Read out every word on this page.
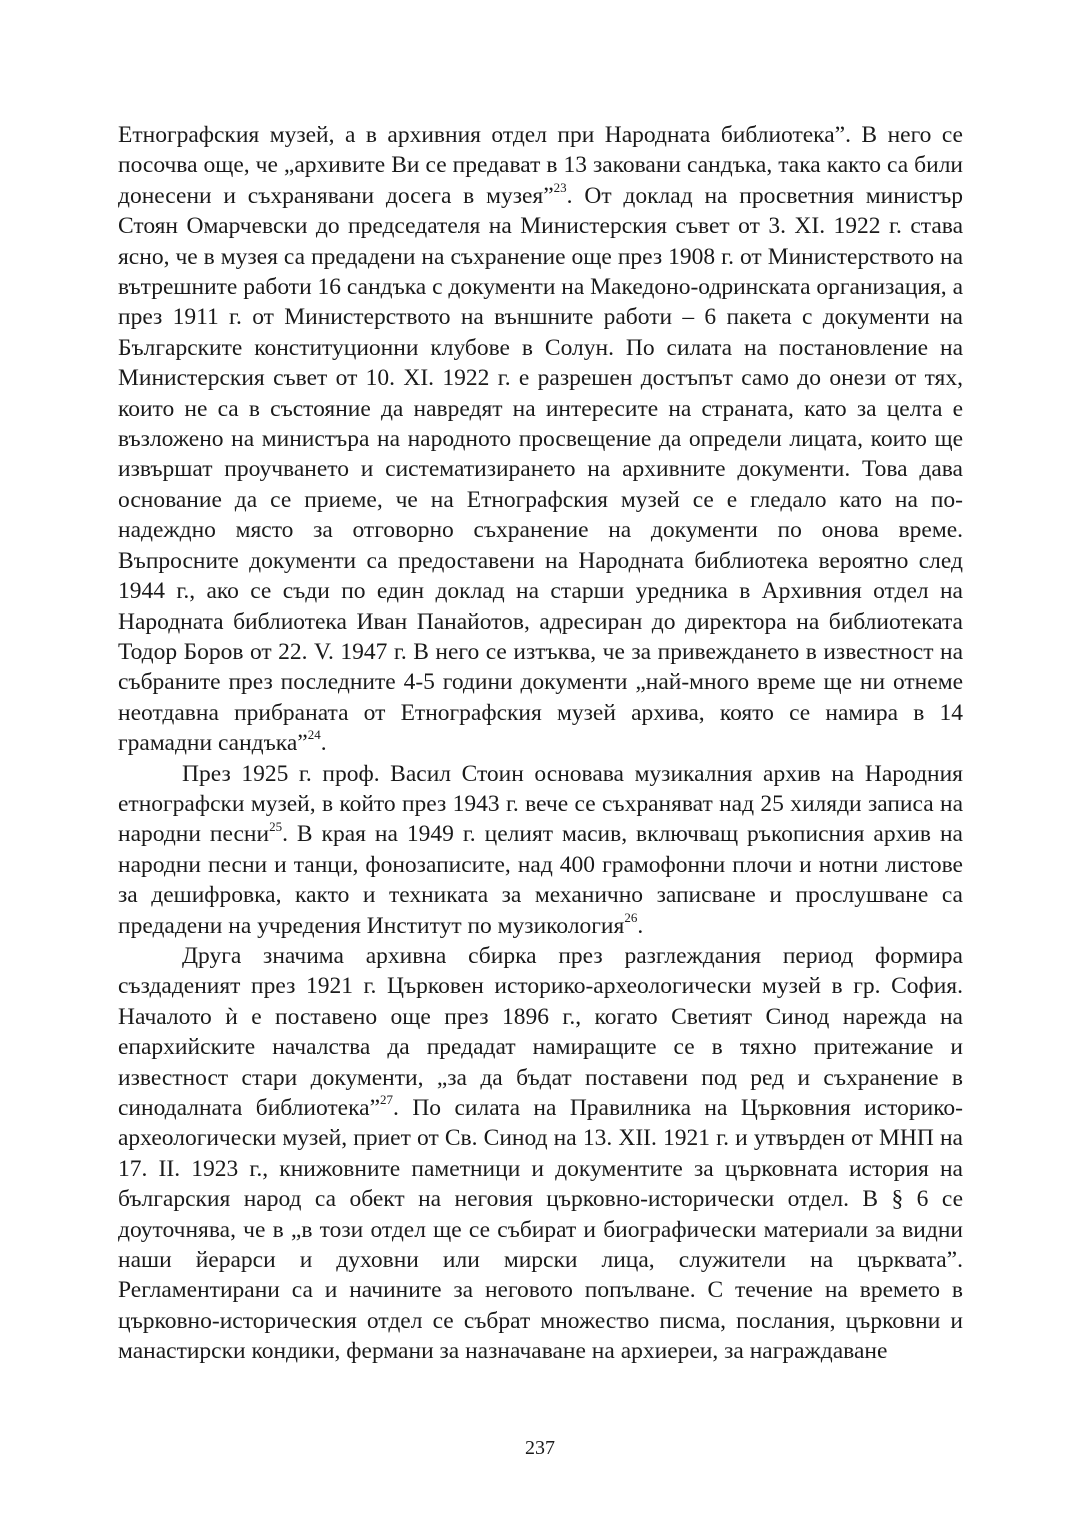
Етнографския музей, а в архивния отдел при Народната библиотека”. В него се посочва още, че „архивите Ви се предават в 13 заковани сандъка, така както са били донесени и съхранявани досега в музея”$^{23}$. От доклад на просветния министър Стоян Омарчевски до председателя на Министерския съвет от 3. XI. 1922 г. става ясно, че в музея са предадени на съхранение още през 1908 г. от Министерството на вътрешните работи 16 сандъка с документи на Македоно-одринската организация, а през 1911 г. от Министерството на външните работи – 6 пакета с документи на Българските конституционни клубове в Солун. По силата на постановление на Министерския съвет от 10. XI. 1922 г. е разрешен достъпът само до онези от тях, които не са в състояние да навредят на интересите на страната, като за целта е възложено на министъра на народното просвещение да определи лицата, които ще извършат проучването и систематизирането на архивните документи. Това дава основание да се приеме, че на Етнографския музей се е гледало като на по-надеждно място за отговорно съхранение на документи по онова време. Въпросните документи са предоставени на Народната библиотека вероятно след 1944 г., ако се съди по един доклад на старши уредника в Архивния отдел на Народната библиотека Иван Панайотов, адресиран до директора на библиотеката Тодор Боров от 22. V. 1947 г. В него се изтъква, че за привеждането в известност на събраните през последните 4-5 години документи „най-много време ще ни отнеме неотдавна прибраната от Етнографския музей архива, която се намира в 14 грамадни сандъка”$^{24}$.

През 1925 г. проф. Васил Стоин основава музикалния архив на Народния етнографски музей, в който през 1943 г. вече се съхраняват над 25 хиляди записа на народни песни$^{25}$. В края на 1949 г. целият масив, включващ ръкописния архив на народни песни и танци, фонозаписите, над 400 грамофонни плочи и нотни листове за дешифровка, както и техниката за механично записване и прослушване са предадени на учредения Институт по музикология$^{26}$.

Друга значима архивна сбирка през разглеждания период формира създаденият през 1921 г. Църковен историко-археологически музей в гр. София. Началото ѝ е поставено още през 1896 г., когато Светият Синод нарежда на епархийските началства да предадат намиращите се в тяхно притежание и известност стари документи, „за да бъдат поставени под ред и съхранение в синодалната библиотека”$^{27}$. По силата на Правилника на Църковния историко-археологически музей, приет от Св. Синод на 13. XII. 1921 г. и утвърден от МНП на 17. II. 1923 г., книжовните паметници и документите за църковната история на българския народ са обект на неговия църковно-исторически отдел. В § 6 се доуточнява, че в „в този отдел ще се събират и биографически материали за видни наши йерарси и духовни или мирски лица, служители на църквата”. Регламентирани са и начините за неговото попълване. С течение на времето в църковно-историческия отдел се събрат множество писма, послания, църковни и манастирски кондики, фермани за назначаване на архиереи, за награждаване

237
